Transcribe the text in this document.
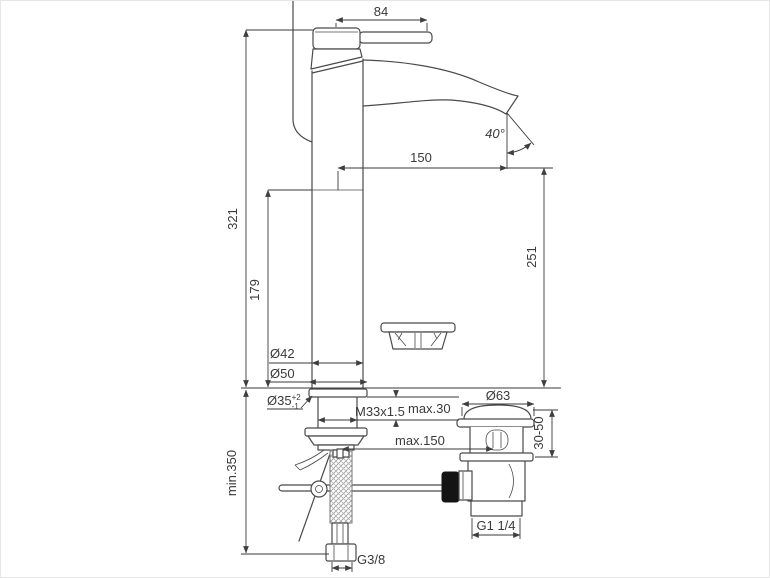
84
40°
150
321
179
251
Ø42
Ø50
$Ø35^{+2}$ -1	M33x1.5 max.30
max.150
min.350
Ø63
30-50
G1 1/4
G3/8
